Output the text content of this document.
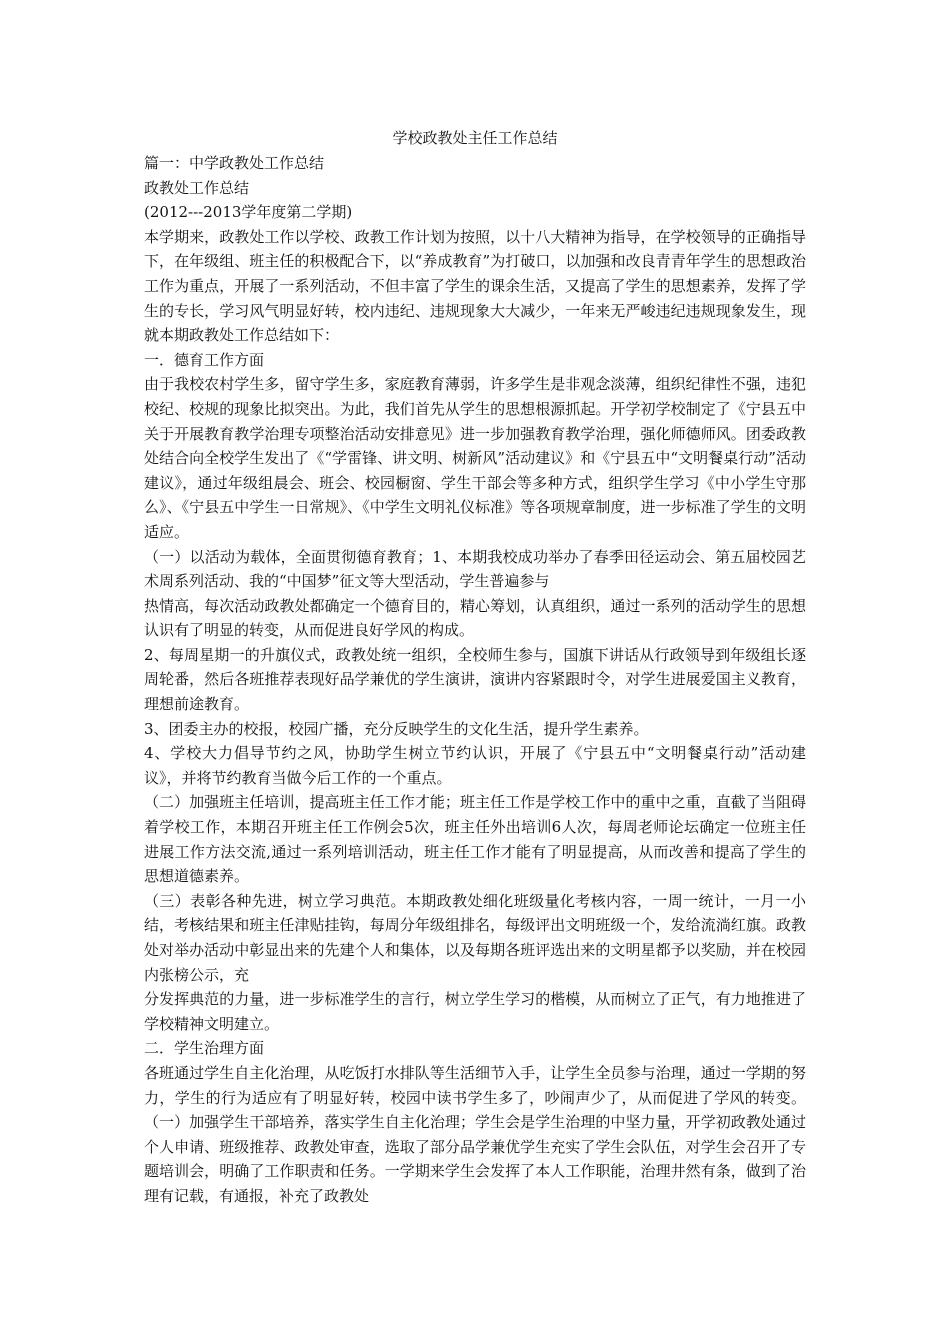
学校政教处主任工作总结

篇一：中学政教处工作总结

政教处工作总结

(2012---2013学年度第二学期)

本学期来，政教处工作以学校、政教工作计划为按照，以十八大精神为指导，在学校领导的正确指导下，在年级组、班主任的积极配合下，以“养成教育”为打破口，以加强和改良青青年学生的思想政治工作为重点，开展了一系列活动，不但丰富了学生的课余生活，又提高了学生的思想素养，发挥了学生的专长，学习风气明显好转，校内违纪、违规现象大大减少，一年来无严峻违纪违规现象发生，现就本期政教处工作总结如下：

一．德育工作方面

由于我校农村学生多，留守学生多，家庭教育薄弱，许多学生是非观念淡薄，组织纪律性不强，违犯校纪、校规的现象比拟突出。为此，我们首先从学生的思想根源抓起。开学初学校制定了《宁县五中关于开展教育教学治理专项整治活动安排意见》进一步加强教育教学治理，强化师德师风。团委政教处结合向全校学生发出了《“学雷锋、讲文明、树新风”活动建议》和《宁县五中“文明餐桌行动”活动建议》，通过年级组晨会、班会、校园橱窗、学生干部会等多种方式，组织学生学习《中小学生守那么》、《宁县五中学生一日常规》、《中学生文明礼仪标准》等各项规章制度，进一步标准了学生的文明适应。

（一）以活动为载体，全面贯彻德育教育；1、本期我校成功举办了春季田径运动会、第五届校园艺术周系列活动、我的“中国梦”征文等大型活动，学生普遍参与

热情高，每次活动政教处都确定一个德育目的，精心筹划，认真组织，通过一系列的活动学生的思想认识有了明显的转变，从而促进良好学风的构成。

2、每周星期一的升旗仪式，政教处统一组织，全校师生参与，国旗下讲话从行政领导到年级组长逐周轮番，然后各班推荐表现好品学兼优的学生演讲，演讲内容紧跟时令，对学生进展爱国主义教育，理想前途教育。

3、团委主办的校报，校园广播，充分反映学生的文化生活，提升学生素养。

4、学校大力倡导节约之风，协助学生树立节约认识，开展了《宁县五中“文明餐桌行动”活动建议》，并将节约教育当做今后工作的一个重点。

（二）加强班主任培训，提高班主任工作才能；班主任工作是学校工作中的重中之重，直截了当阻碍着学校工作，本期召开班主任工作例会5次，班主任外出培训6人次，每周老师论坛确定一位班主任进展工作方法交流,通过一系列培训活动，班主任工作才能有了明显提高，从而改善和提高了学生的思想道德素养。

（三）表彰各种先进，树立学习典范。本期政教处细化班级量化考核内容，一周一统计，一月一小结，考核结果和班主任津贴挂钩，每周分年级组排名，每级评出文明班级一个，发给流淌红旗。政教处对举办活动中彰显出来的先建个人和集体，以及每期各班评选出来的文明星都予以奖励，并在校园内张榜公示，充

分发挥典范的力量，进一步标准学生的言行，树立学生学习的楷模，从而树立了正气，有力地推进了学校精神文明建立。

二．学生治理方面

各班通过学生自主化治理，从吃饭打水排队等生活细节入手，让学生全员参与治理，通过一学期的努力，学生的行为适应有了明显好转，校园中读书学生多了，吵闹声少了，从而促进了学风的转变。（一）加强学生干部培养，落实学生自主化治理；学生会是学生治理的中坚力量，开学初政教处通过个人申请、班级推荐、政教处审查，选取了部分品学兼优学生充实了学生会队伍，对学生会召开了专题培训会，明确了工作职责和任务。一学期来学生会发挥了本人工作职能，治理井然有条，做到了治理有记载，有通报，补充了政教处
